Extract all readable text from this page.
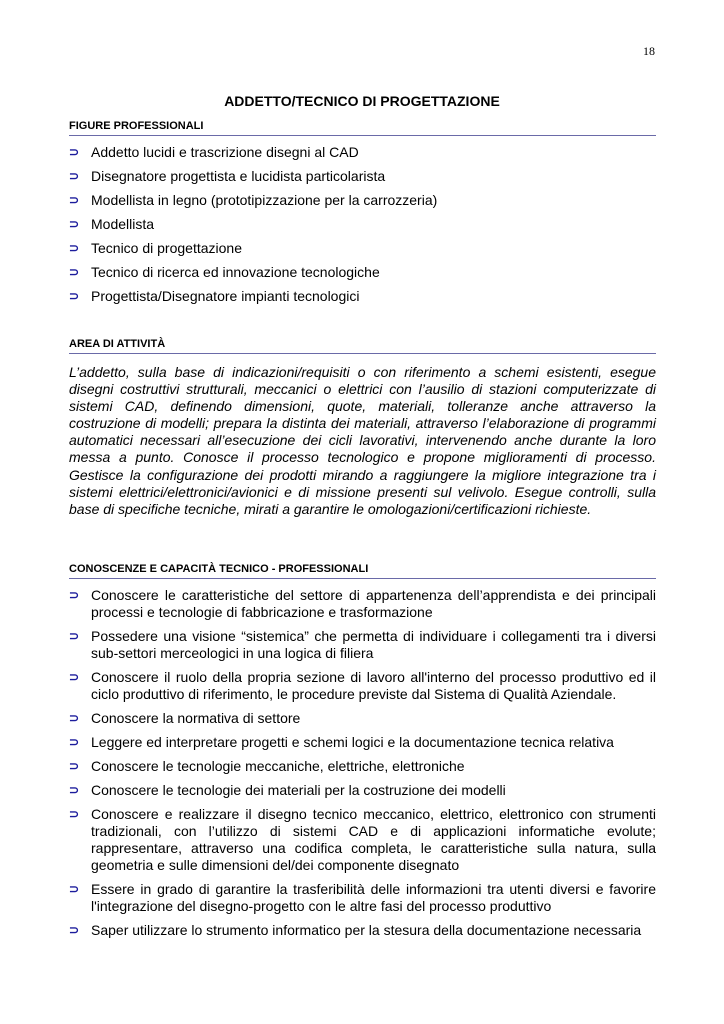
18
ADDETTO/TECNICO DI PROGETTAZIONE
FIGURE PROFESSIONALI
⊃ Addetto lucidi e trascrizione disegni al CAD
⊃ Disegnatore progettista e lucidista particolarista
⊃ Modellista in legno (prototipizzazione per la carrozzeria)
⊃ Modellista
⊃ Tecnico di progettazione
⊃ Tecnico di ricerca ed innovazione tecnologiche
⊃ Progettista/Disegnatore impianti tecnologici
AREA DI ATTIVITÀ

L’addetto, sulla base di indicazioni/requisiti o con riferimento a schemi esistenti, esegue disegni costruttivi strutturali, meccanici o elettrici con l’ausilio di stazioni computerizzate di sistemi CAD, definendo dimensioni, quote, materiali, tolleranze anche attraverso la costruzione di modelli; prepara la distinta dei materiali, attraverso l’elaborazione di programmi automatici necessari all’esecuzione dei cicli lavorativi, intervenendo anche durante la loro messa a punto. Conosce il processo tecnologico e propone miglioramenti di processo. Gestisce la configurazione dei prodotti mirando a raggiungere la migliore integrazione tra i sistemi elettrici/elettronici/avionici e di missione presenti sul velivolo. Esegue controlli, sulla base di specifiche tecniche, mirati a garantire le omologazioni/certificazioni richieste.

CONOSCENZE E CAPACITÀ TECNICO - PROFESSIONALI
⊃ Conoscere le caratteristiche del settore di appartenenza dell’apprendista e dei principali processi e tecnologie di fabbricazione e trasformazione
⊃ Possedere una visione “sistemica” che permetta di individuare i collegamenti tra i diversi sub-settori merceologici in una logica di filiera
⊃ Conoscere il ruolo della propria sezione di lavoro all'interno del processo produttivo ed il ciclo produttivo di riferimento, le procedure previste dal Sistema di Qualità Aziendale.
⊃ Conoscere la normativa di settore
⊃ Leggere ed interpretare progetti e schemi logici e la documentazione tecnica relativa
⊃ Conoscere le tecnologie meccaniche, elettriche, elettroniche
⊃ Conoscere le tecnologie dei materiali per la costruzione dei modelli
⊃ Conoscere e realizzare il disegno tecnico meccanico, elettrico, elettronico con strumenti tradizionali, con l’utilizzo di sistemi CAD e di applicazioni informatiche evolute; rappresentare, attraverso una codifica completa, le caratteristiche sulla natura, sulla geometria e sulle dimensioni del/dei componente disegnato
⊃ Essere in grado di garantire la trasferibilità delle informazioni tra utenti diversi e favorire l'integrazione del disegno-progetto con le altre fasi del processo produttivo
⊃ Saper utilizzare lo strumento informatico per la stesura della documentazione necessaria
